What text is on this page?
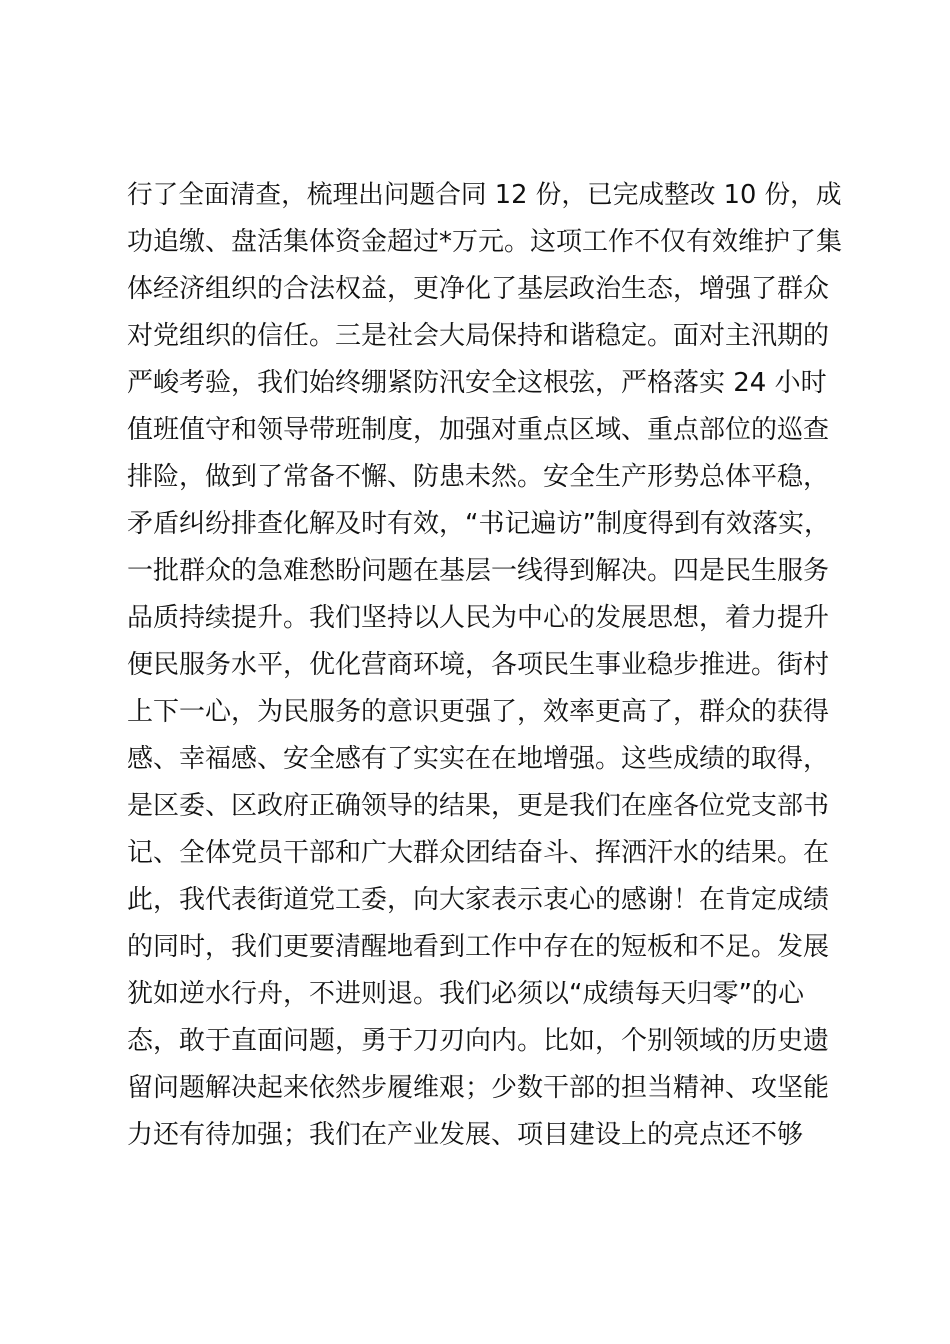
行了全面清查，梳理出问题合同 12 份，已完成整改 10 份，成
功追缴、盘活集体资金超过*万元。这项工作不仅有效维护了集
体经济组织的合法权益，更净化了基层政治生态，增强了群众
对党组织的信任。三是社会大局保持和谐稳定。面对主汛期的
严峻考验，我们始终绷紧防汛安全这根弦，严格落实 24 小时
值班值守和领导带班制度，加强对重点区域、重点部位的巡查
排险，做到了常备不懈、防患未然。安全生产形势总体平稳，
矛盾纠纷排查化解及时有效，“书记遍访”制度得到有效落实，
一批群众的急难愁盼问题在基层一线得到解决。四是民生服务
品质持续提升。我们坚持以人民为中心的发展思想，着力提升
便民服务水平，优化营商环境，各项民生事业稳步推进。街村
上下一心，为民服务的意识更强了，效率更高了，群众的获得
感、幸福感、安全感有了实实在在地增强。这些成绩的取得，
是区委、区政府正确领导的结果，更是我们在座各位党支部书
记、全体党员干部和广大群众团结奋斗、挥洒汗水的结果。在
此，我代表街道党工委，向大家表示衷心的感谢！在肯定成绩
的同时，我们更要清醒地看到工作中存在的短板和不足。发展
犹如逆水行舟，不进则退。我们必须以“成绩每天归零”的心
态，敢于直面问题，勇于刀刃向内。比如，个别领域的历史遗
留问题解决起来依然步履维艰；少数干部的担当精神、攻坚能
力还有待加强；我们在产业发展、项目建设上的亮点还不够
